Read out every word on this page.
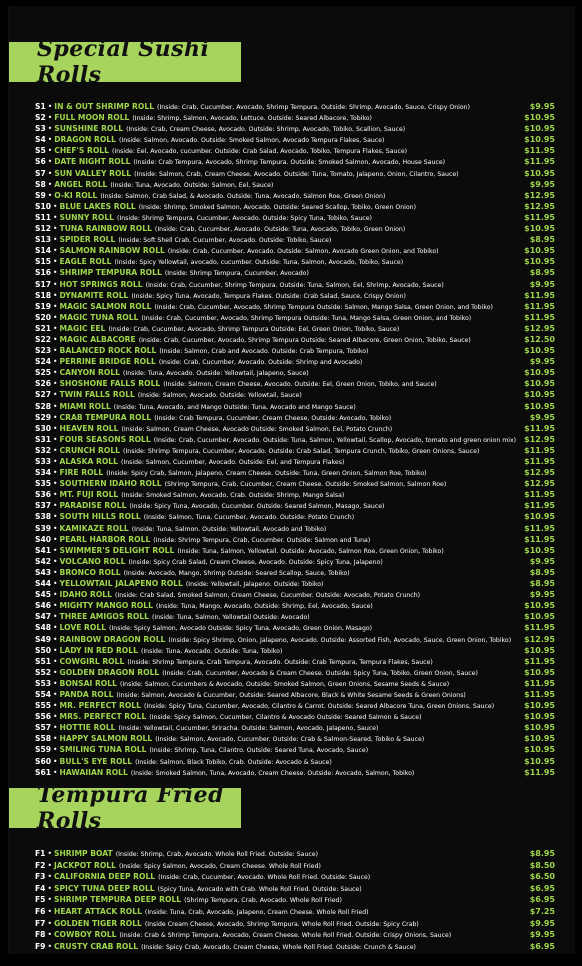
Special Sushi Rolls
S1 • IN & OUT SHRIMP ROLL (Inside: Crab, Cucumber, Avocado, Shrimp Tempura. Outside: Shrimp, Avocado, Sauce, Crispy Onion)	$9.95
S2 • FULL MOON ROLL (Inside: Shrimp, Salmon, Avocado, Lettuce. Outside: Seared Albacore, Tobiko)	$10.95
S3 • SUNSHINE ROLL (Inside: Crab, Cream Cheese, Avocado. Outside: Shrimp, Avocado, Tobiko, Scallion, Sauce)	$10.95
S4 • DRAGON ROLL (Inside: Salmon, Avocado. Outside: Smoked Salmon, Avocado Tempura Flakes, Sauce)	$10.95
S5 • CHEF'S ROLL (Inside: Eel, Avocado, cucumber. Outside: Crab Salad, Avocado, Tobiko, Tempura Flakes, Sauce)	$11.95
S6 • DATE NIGHT ROLL (Inside: Crab Tempura, Avocado, Shrimp Tempura. Outside: Smoked Salmon, Avocado, House Sauce)	$11.95
S7 • SUN VALLEY ROLL (Inside: Salmon, Crab, Cream Cheese, Avocado. Outside: Tuna, Tomato, Jalapeno, Onion, Cilantro, Sauce)	$10.95
S8 • ANGEL ROLL (Inside: Tuna, Avocado. Outside: Salmon, Eel, Sauce)	$9.95
S9 • O-KI ROLL (Inside: Salmon, Crab Salad, & Avocado. Outside: Tuna, Avocado, Salmon Roe, Green Onion)	$12.95
S10 • BLUE LAKES ROLL (Inside: Shrimp, Smoked Salmon, Avocado. Outside: Seared Scallop, Tobiko, Green Onion)	$12.95
S11 • SUNNY ROLL (Inside: Shrimp Tempura, Cucumber, Avocado. Outside: Spicy Tuna, Tobiko, Sauce)	$11.95
S12 • TUNA RAINBOW ROLL (Inside: Crab, Cucumber, Avocado. Outside: Tuna, Avocado, Tobiko, Green Onion)	$10.95
S13 • SPIDER ROLL (Inside: Soft Shell Crab, Cucumber, Avocado. Outside: Tobiko, Sauce)	$8.95
S14 • SALMON RAINBOW ROLL (Inside: Crab, Cucumber, Avocado. Outside: Salmon, Avocado Green Onion, and Tobiko)	$10.95
S15 • EAGLE ROLL (Inside: Spicy Yellowtail, avocado, cucumber. Outside: Tuna, Salmon, Avocado, Tobiko, Sauce)	$10.95
S16 • SHRIMP TEMPURA ROLL (Inside: Shrimp Tempura, Cucumber, Avocado)	$8.95
S17 • HOT SPRINGS ROLL (Inside: Crab, Cucumber, Shrimp Tempura. Outside: Tuna, Salmon, Eel, Shrimp, Avocado, Sauce)	$9.95
S18 • DYNAMITE ROLL (Inside: Spicy Tuna, Avocado, Tempura Flakes. Outside: Crab Salad, Sauce, Crispy Onion)	$11.95
S19 • MAGIC SALMON ROLL (Inside: Crab, Cucumber, Avocado, Shrimp Tempura Outside: Salmon, Mango Salsa, Green Onion, and Tobiko)	$11.95
S20 • MAGIC TUNA ROLL (Inside: Crab, Cucumber, Avocado, Shrimp Tempura Outside: Tuna, Mango Salsa, Green Onion, and Tobiko)	$11.95
S21 • MAGIC EEL (Inside: Crab, Cucumber, Avocado, Shrimp Tempura Outside: Eel, Green Onion, Tobiko, Sauce)	$12.95
S22 • MAGIC ALBACORE (Inside: Crab, Cucumber, Avocado, Shrimp Tempura Outside: Seared Albacore, Green Onion, Tobiko, Sauce)	$12.50
S23 • BALANCED ROCK ROLL (Inside: Salmon, Crab and Avocado. Outside: Crab Tempura, Tobiko)	$10.95
S24 • PERRINE BRIDGE ROLL (Inside: Crab, Cucumber, Avocado. Outside: Shrimp and Avocado)	$9.95
S25 • CANYON ROLL (Inside: Tuna, Avocado. Outside: Yellowtail, Jalapeno, Sauce)	$10.95
S26 • SHOSHONE FALLS ROLL (Inside: Salmon, Cream Cheese, Avocado. Outside: Eel, Green Onion, Tobiko, and Sauce)	$10.95
S27 • TWIN FALLS ROLL (Inside: Salmon, Avocado. Outside: Yellowtail, Sauce)	$10.95
S28 • MIAMI ROLL (Inside: Tuna, Avocado, and Mango Outside: Tuna, Avocado and Mango Sauce)	$10.95
S29 • CRAB TEMPURA ROLL (Inside: Crab Tempura, Cucumber, Cream Cheese, Outside: Avocado, Tobiko)	$9.95
S30 • HEAVEN ROLL (Inside: Salmon, Cream Cheese, Avocado Outside: Smoked Salmon, Eel, Potato Crunch)	$11.95
S31 • FOUR SEASONS ROLL (Inside: Crab, Cucumber, Avocado. Outside: Tuna, Salmon, Yellowtail, Scallop, Avocado, tomato and green onion mix)	$12.95
S32 • CRUNCH ROLL (Inside: Shrimp Tempura, Cucumber, Avocado. Outside: Crab Salad, Tempura Crunch, Tobiko, Green Onions, Sauce)	$11.95
S33 • ALASKA ROLL (Inside: Salmon, Cucumber, Avocado. Outside: Eel, and Tempura Flakes)	$11.95
S34 • FIRE ROLL (Inside: Spicy Crab, Salmon, Jalapeno, Cream Cheese. Outside: Tuna, Green Onion, Salmon Roe, Tobiko)	$12.95
S35 • SOUTHERN IDAHO ROLL (Shrimp Tempura, Crab, Cucumber, Cream Cheese. Outside: Smoked Salmon, Salmon Roe)	$12.95
S36 • MT. FUJI ROLL (Inside: Smoked Salmon, Avocado, Crab. Outside: Shrimp, Mango Salsa)	$11.95
S37 • PARADISE ROLL (Inside: Spicy Tuna, Avocado, Cucumber. Outside: Seared Salmon, Masago, Sauce)	$11.95
S38 • SOUTH HILLS ROLL (Inside: Salmon, Tuna, Cucumber, Avocado. Outside: Potato Crunch)	$10.95
S39 • KAMIKAZE ROLL (Inside: Tuna, Salmon. Outside: Yellowtail, Avocado and Tobiko)	$11.95
S40 • PEARL HARBOR ROLL (Inside: Shrimp Tempura, Crab, Cucumber. Outside: Salmon and Tuna)	$11.95
S41 • SWIMMER'S DELIGHT ROLL (Inside: Tuna, Salmon, Yellowtail. Outside: Avocado, Salmon Roe, Green Onion, Tobiko)	$10.95
S42 • VOLCANO ROLL (Inside: Spicy Crab Salad, Cream Cheese, Avocado. Outside: Spicy Tuna, Jalapeno)	$9.95
S43 • BRONCO ROLL (Inside: Avocado, Mango, Shrimp Outside: Seared Scallop, Sauce, Tobiko)	$8.95
S44 • YELLOWTAIL JALAPENO ROLL (Inside: Yellowtail, Jalapeno. Outside: Tobiko)	$8.95
S45 • IDAHO ROLL (Inside: Crab Salad, Smoked Salmon, Cream Cheese, Cucumber. Outside: Avocado, Potato Crunch)	$9.95
S46 • MIGHTY MANGO ROLL (Inside: Tuna, Mango, Avocado, Outside: Shrimp, Eel, Avocado, Sauce)	$10.95
S47 • THREE AMIGOS ROLL (Inside: Tuna, Salmon, Yellowtail Outside: Avocado)	$10.95
S48 • LOVE ROLL (Inside: Spicy Salmon, Avocado Outside: Spicy Tuna, Avocado, Green Onion, Masago)	$11.95
S49 • RAINBOW DRAGON ROLL (Inside: Spicy Shrimp, Onion, Jalapeno, Avocado. Outside: Assorted Fish, Avocado, Sauce, Green Onion, Tobiko)	$12.95
S50 • LADY IN RED ROLL (Inside: Tuna, Avocado. Outside: Tuna, Tobiko)	$10.95
S51 • COWGIRL ROLL (Inside: Shrimp Tempura, Crab Tempura, Avocado. Outside: Crab Tempura, Tempura Flakes, Sauce)	$11.95
S52 • GOLDEN DRAGON ROLL (Inside: Crab, Cucumber, Avocado & Cream Cheese. Outside: Spicy Tuna, Tobiko, Green Onion, Sauce)	$10.95
S53 • BONSAI ROLL (Inside: Salmon, Cucumbers & Avocado, Outside: Smoked Salmon, Green Onions, Sesame Seeds & Sauce)	$11.95
S54 • PANDA ROLL (Inside: Salmon, Avocado & Cucumber, Outside: Seared Albacore, Black & White Sesame Seeds & Green Onions)	$11.95
S55 • MR. PERFECT ROLL (Inside: Spicy Tuna, Cucumber, Avocado, Cilantro & Carrot. Outside: Seared Albacore Tuna, Green Onions, Sauce)	$10.95
S56 • MRS. PERFECT ROLL (Inside: Spicy Salmon, Cucumber, Cilantro & Avocado Outside: Seared Salmon & Sauce)	$10.95
S57 • HOTTIE ROLL (Inside: Yellowtail, Cucumber, Sriracha. Outside: Salmon, Avocado, Jalapeno, Sauce)	$10.95
S58 • HAPPY SALMON ROLL (Inside: Salmon, Avocado, Cucumber. Outside: Crab & Salmon-Seared, Tobiko & Sauce)	$10.95
S59 • SMILING TUNA ROLL (Inside: Shrimp, Tuna, Cilantro. Outside: Seared Tuna, Avocado, Sauce)	$10.95
S60 • BULL'S EYE ROLL (Inside: Salmon, Black Tobiko, Crab. Outside: Avocado & Sauce)	$10.95
S61 • HAWAIIAN ROLL (Inside: Smoked Salmon, Tuna, Avocado, Cream Cheese. Outside: Avocado, Salmon, Tobiko)	$11.95
Tempura Fried Rolls
F1 • SHRIMP BOAT (Inside: Shrimp, Crab, Avocado. Whole Roll Fried. Outside: Sauce)	$8.95
F2 • JACKPOT ROLL (Inside: Spicy Salmon, Avocado, Cream Cheese. Whole Roll Fried)	$8.50
F3 • CALIFORNIA DEEP ROLL (Inside: Crab, Cucumber, Avocado. Whole Roll Fried. Outside: Sauce)	$6.50
F4 • SPICY TUNA DEEP ROLL (Spicy Tuna, Avocado with Crab. Whole Roll Fried. Outside: Sauce)	$6.95
F5 • SHRIMP TEMPURA DEEP ROLL (Shrimp Tempura, Crab, Avocado. Whole Roll Fried)	$6.95
F6 • HEART ATTACK ROLL (Inside: Tuna, Crab, Avocado, Jalapeno, Cream Cheese. Whole Roll Fried)	$7.25
F7 • GOLDEN TIGER ROLL (Inside Cream Cheese, Avocado, Shrimp Tempura. Whole Roll Fried. Outside: Spicy Crab)	$9.95
F8 • COWBOY ROLL (Inside: Crab & Shrimp Tempura, Avocado, Cream Cheese. Whole Roll Fried. Outside: Crispy Onions, Sauce)	$9.95
F9 • CRUSTY CRAB ROLL (Inside: Spicy Crab, Avocado, Cream Cheese, Whole Roll Fried. Outside: Crunch & Sauce)	$6.95
